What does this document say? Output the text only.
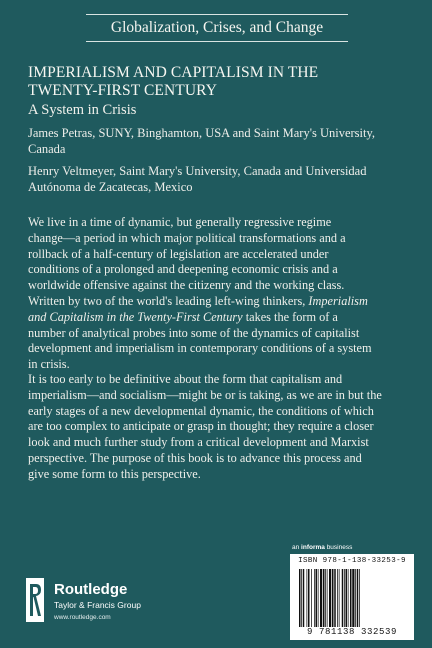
Globalization, Crises, and Change
IMPERIALISM AND CAPITALISM IN THE
TWENTY-FIRST CENTURY
A System in Crisis
James Petras, SUNY, Binghamton, USA and Saint Mary's University,
Canada
Henry Veltmeyer, Saint Mary's University, Canada and Universidad
Autónoma de Zacatecas, Mexico
We live in a time of dynamic, but generally regressive regime
change—a period in which major political transformations and a
rollback of a half-century of legislation are accelerated under
conditions of a prolonged and deepening economic crisis and a
worldwide offensive against the citizenry and the working class.
Written by two of the world's leading left-wing thinkers, Imperialism
and Capitalism in the Twenty-First Century takes the form of a
number of analytical probes into some of the dynamics of capitalist
development and imperialism in contemporary conditions of a system
in crisis.
It is too early to be definitive about the form that capitalism and
imperialism—and socialism—might be or is taking, as we are in but the
early stages of a new developmental dynamic, the conditions of which
are too complex to anticipate or grasp in thought; they require a closer
look and much further study from a critical development and Marxist
perspective. The purpose of this book is to advance this process and
give some form to this perspective.
Routledge
Taylor & Francis Group
www.routledge.com
an informa business
ISBN 978-1-138-33253-9
9 781138 332539
